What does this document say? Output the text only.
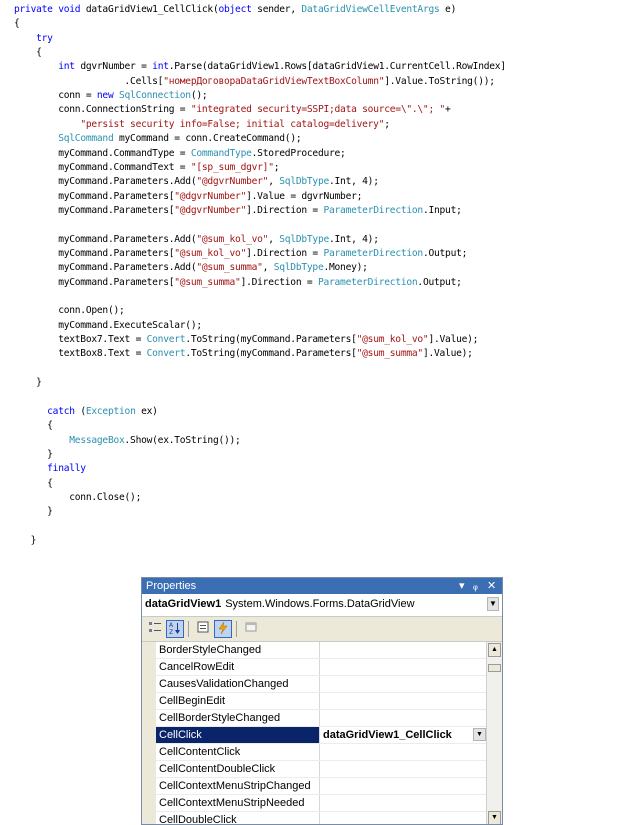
private void dataGridView1_CellClick(object sender, DataGridViewCellEventArgs e)
{
try
{
int dgvrNumber = int.Parse(dataGridView1.Rows[dataGridView1.CurrentCell.RowIndex]
.Cells["номерДоговораDataGridViewTextBoxColumn"].Value.ToString());
conn = new SqlConnection();
conn.ConnectionString = "integrated security=SSPI;data source=\".\"; "+
"persist security info=False; initial catalog=delivery";
SqlCommand myCommand = conn.CreateCommand();
myCommand.CommandType = CommandType.StoredProcedure;
myCommand.CommandText = "[sp_sum_dgvr]";
myCommand.Parameters.Add("@dgvrNumber", SqlDbType.Int, 4);
myCommand.Parameters["@dgvrNumber"].Value = dgvrNumber;
myCommand.Parameters["@dgvrNumber"].Direction = ParameterDirection.Input;
myCommand.Parameters.Add("@sum_kol_vo", SqlDbType.Int, 4);
myCommand.Parameters["@sum_kol_vo"].Direction = ParameterDirection.Output;
myCommand.Parameters.Add("@sum_summa", SqlDbType.Money);
myCommand.Parameters["@sum_summa"].Direction = ParameterDirection.Output;
conn.Open();
myCommand.ExecuteScalar();
textBox7.Text = Convert.ToString(myCommand.Parameters["@sum_kol_vo"].Value);
textBox8.Text = Convert.ToString(myCommand.Parameters["@sum_summa"].Value);
}
catch (Exception ex)
{
MessageBox.Show(ex.ToString());
}
finally
{
conn.Close();
}
}
Properties	▾ ᵩ ✕
dataGridView1 System.Windows.Forms.DataGridView	▼
A
Z
BorderStyleChanged
CancelRowEdit
CausesValidationChanged
CellBeginEdit
CellBorderStyleChanged
CellClick	dataGridView1_CellClick	▼
CellContentClick
CellContentDoubleClick
CellContextMenuStripChanged
CellContextMenuStripNeeded
CellDoubleClick
▲
▼
